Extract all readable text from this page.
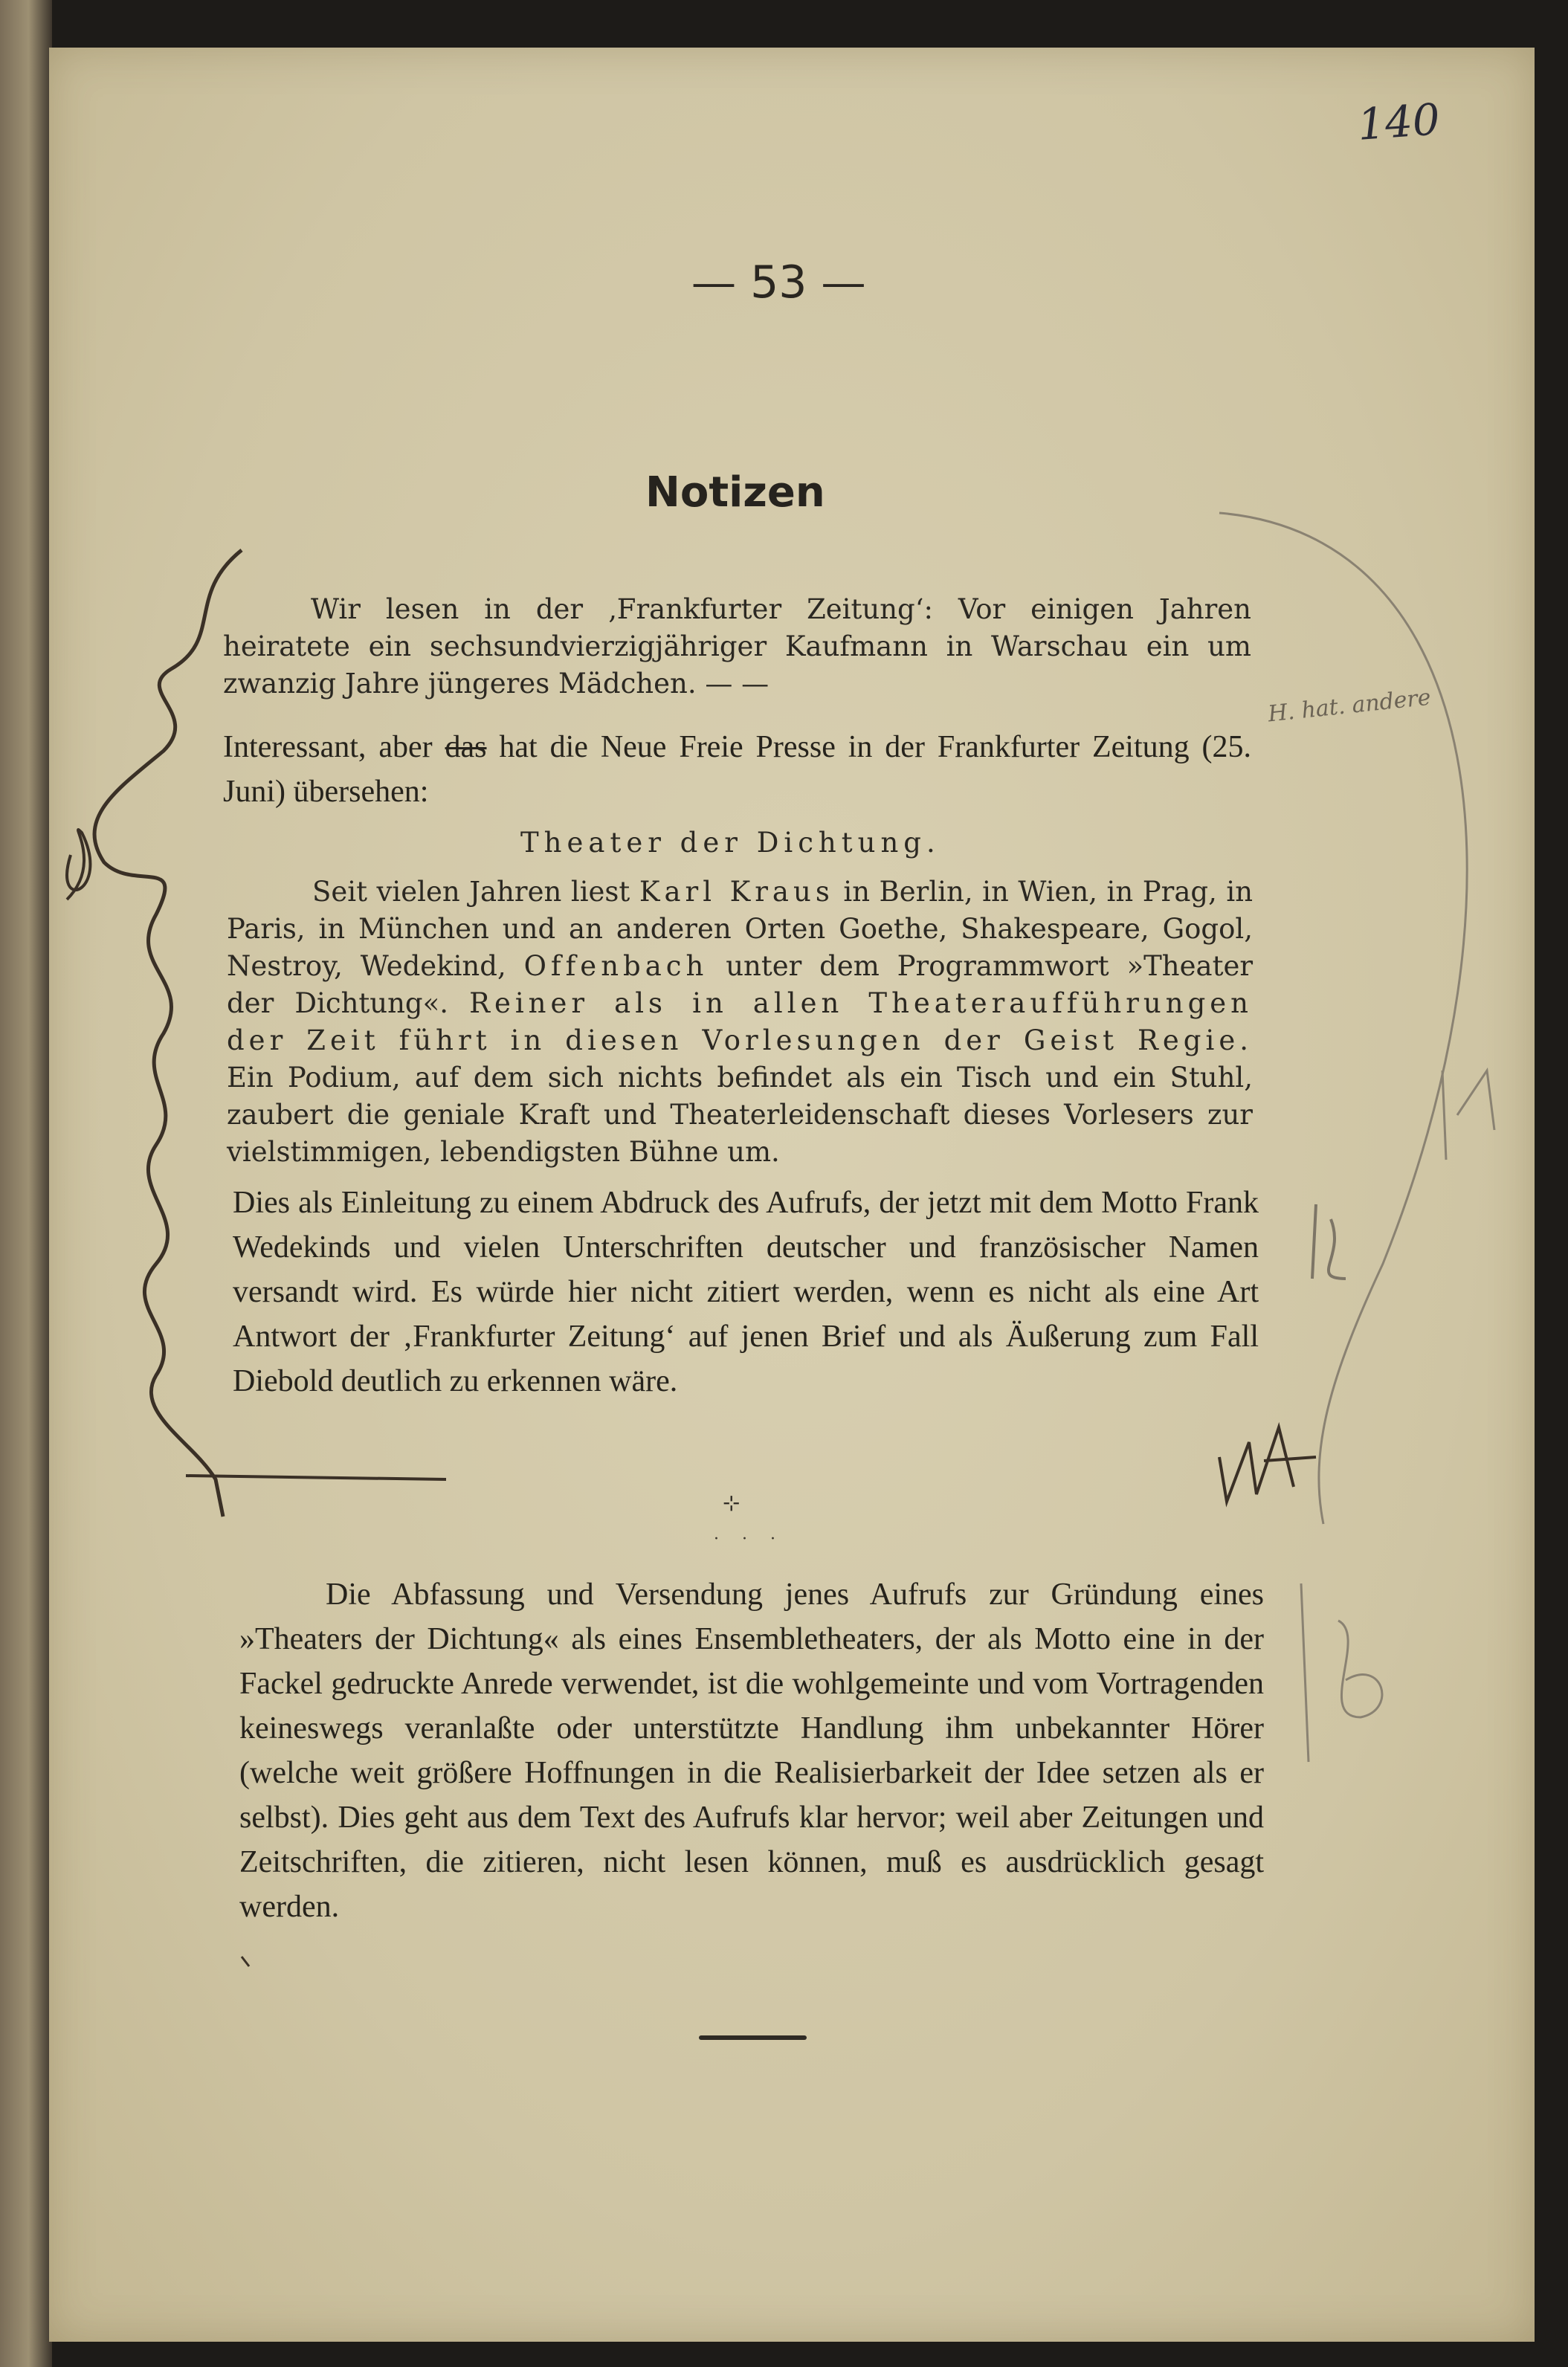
140
— 53 —
Notizen

Wir lesen in der ‚Frankfurter Zeitung‘: Vor einigen Jahren heiratete ein sechsundvierzigjähriger Kaufmann in Warschau ein um zwanzig Jahre jüngeres Mädchen. — —

Interessant, aber das hat die Neue Freie Presse in der Frankfurter Zeitung (25. Juni) übersehen:

Theater der Dichtung.

Seit vielen Jahren liest Karl Kraus in Berlin, in Wien, in Prag, in Paris, in München und an anderen Orten Goethe, Shakespeare, Gogol, Nestroy, Wedekind, Offenbach unter dem Programmwort »Theater der Dichtung«. Reiner als in allen Theateraufführungen der Zeit führt in diesen Vorlesungen der Geist Regie. Ein Podium, auf dem sich nichts befindet als ein Tisch und ein Stuhl, zaubert die geniale Kraft und Theaterleidenschaft dieses Vorlesers zur vielstimmigen, lebendigsten Bühne um.

Dies als Einleitung zu einem Abdruck des Aufrufs, der jetzt mit dem Motto Frank Wedekinds und vielen Unterschriften deutscher und französischer Namen versandt wird. Es würde hier nicht zitiert werden, wenn es nicht als eine Art Antwort der ‚Frankfurter Zeitung‘ auf jenen Brief und als Äußerung zum Fall Diebold deutlich zu erkennen wäre.

⊹
· · ·

Die Abfassung und Versendung jenes Aufrufs zur Gründung eines »Theaters der Dichtung« als eines Ensembletheaters, der als Motto eine in der Fackel gedruckte Anrede verwendet, ist die wohlgemeinte und vom Vortragenden keineswegs veranlaßte oder unterstützte Handlung ihm unbekannter Hörer (welche weit größere Hoffnungen in die Realisierbarkeit der Idee setzen als er selbst). Dies geht aus dem Text des Aufrufs klar hervor; weil aber Zeitungen und Zeitschriften, die zitieren, nicht lesen können, muß es ausdrücklich gesagt werden.

H. hat. andere
